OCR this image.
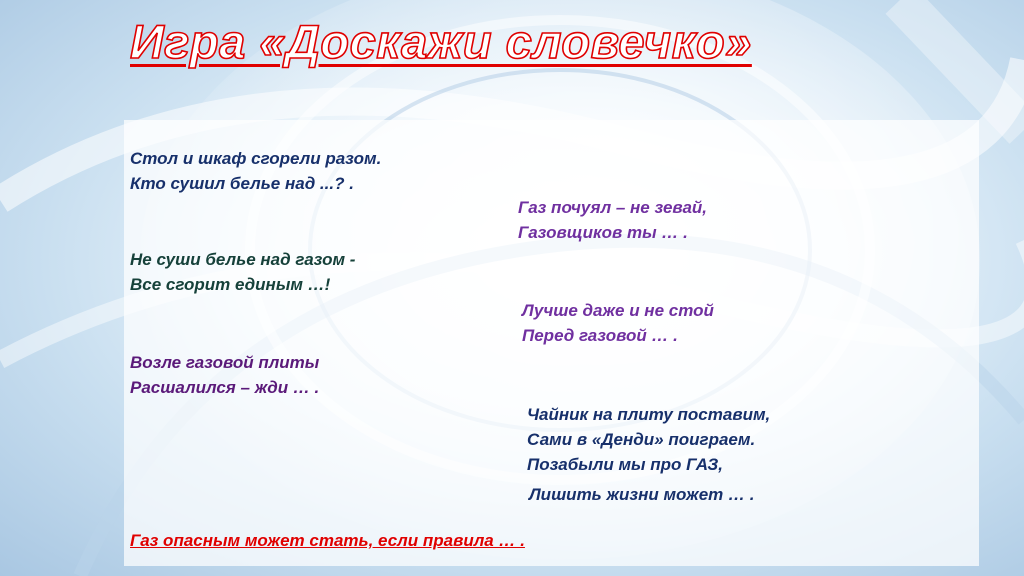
Игра «Доскажи словечко»
Стол и шкаф сгорели разом.
Кто сушил белье над ...? .
Газ почуял – не зевай,
Газовщиков ты … .
Не суши белье над газом -
Все сгорит единым …!
Лучше даже и не стой
Перед газовой … .
Возле газовой плиты
Расшалился – жди … .
Чайник на плиту поставим,
Сами в «Денди» поиграем.
Позабыли мы про ГАЗ,
Лишить жизни может … .
Газ опасным может стать, если правила … .
